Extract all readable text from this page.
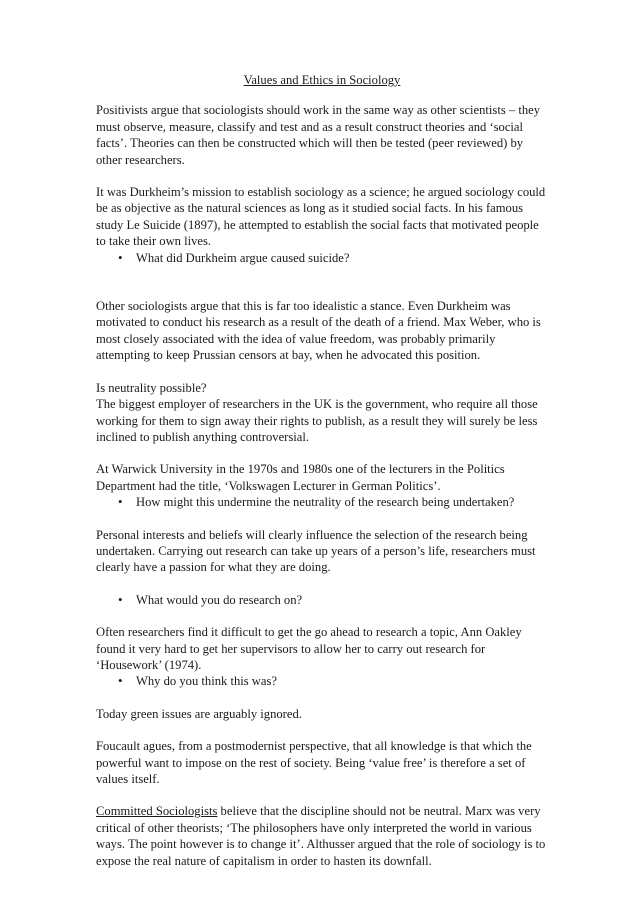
Values and Ethics in Sociology

Positivists argue that sociologists should work in the same way as other scientists – they must observe, measure, classify and test and as a result construct theories and ‘social facts’. Theories can then be constructed which will then be tested (peer reviewed) by other researchers.

It was Durkheim’s mission to establish sociology as a science; he argued sociology could be as objective as the natural sciences as long as it studied social facts. In his famous study Le Suicide (1897), he attempted to establish the social facts that motivated people to take their own lives.

• What did Durkheim argue caused suicide?

Other sociologists argue that this is far too idealistic a stance. Even Durkheim was motivated to conduct his research as a result of the death of a friend. Max Weber, who is most closely associated with the idea of value freedom, was probably primarily attempting to keep Prussian censors at bay, when he advocated this position.

Is neutrality possible?

The biggest employer of researchers in the UK is the government, who require all those working for them to sign away their rights to publish, as a result they will surely be less inclined to publish anything controversial.

At Warwick University in the 1970s and 1980s one of the lecturers in the Politics Department had the title, ‘Volkswagen Lecturer in German Politics’.

• How might this undermine the neutrality of the research being undertaken?

Personal interests and beliefs will clearly influence the selection of the research being undertaken. Carrying out research can take up years of a person’s life, researchers must clearly have a passion for what they are doing.

• What would you do research on?

Often researchers find it difficult to get the go ahead to research a topic, Ann Oakley found it very hard to get her supervisors to allow her to carry out research for ‘Housework’ (1974).

• Why do you think this was?

Today green issues are arguably ignored.

Foucault agues, from a postmodernist perspective, that all knowledge is that which the powerful want to impose on the rest of society. Being ‘value free’ is therefore a set of values itself.

Committed Sociologists believe that the discipline should not be neutral. Marx was very critical of other theorists; ‘The philosophers have only interpreted the world in various ways. The point however is to change it’. Althusser argued that the role of sociology is to expose the real nature of capitalism in order to hasten its downfall.
